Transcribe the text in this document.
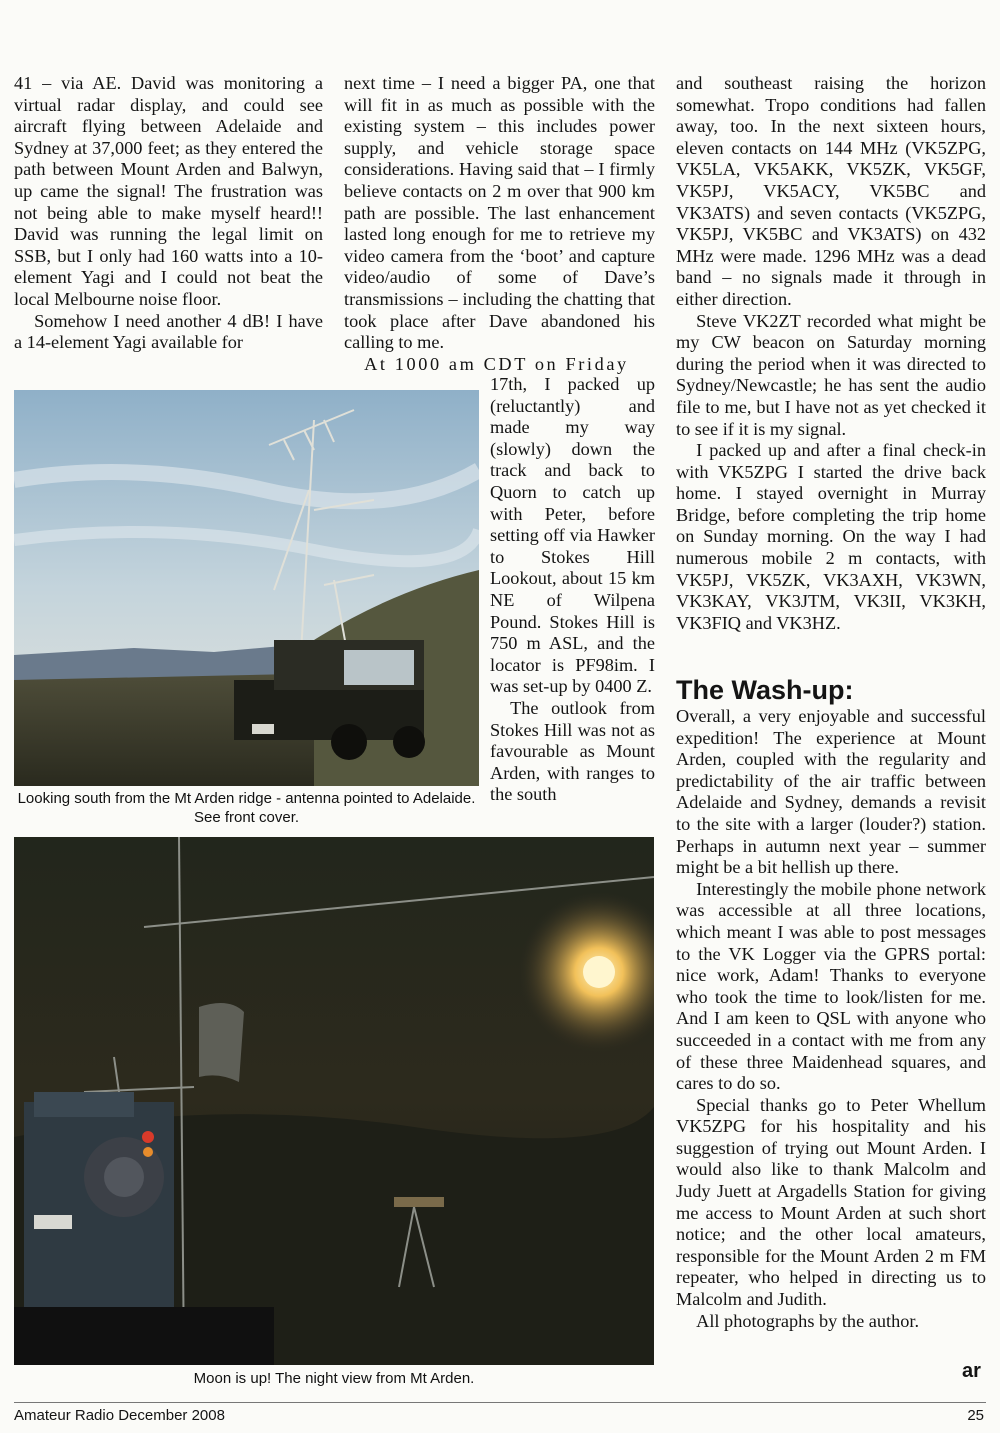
41 – via AE. David was monitoring a virtual radar display, and could see aircraft flying between Adelaide and Sydney at 37,000 feet; as they entered the path between Mount Arden and Balwyn, up came the signal! The frustration was not being able to make myself heard!! David was running the legal limit on SSB, but I only had 160 watts into a 10-element Yagi and I could not beat the local Melbourne noise floor.

Somehow I need another 4 dB! I have a 14-element Yagi available for

next time – I need a bigger PA, one that will fit in as much as possible with the existing system – this includes power supply, and vehicle storage space considerations. Having said that – I firmly believe contacts on 2 m over that 900 km path are possible. The last enhancement lasted long enough for me to retrieve my video camera from the ‘boot’ and capture video/audio of some of Dave’s transmissions – including the chatting that took place after Dave abandoned his calling to me.

At 1000 am CDT on Friday

17th, I packed up (reluctantly) and made my way (slowly) down the track and back to Quorn to catch up with Peter, before setting off via Hawker to Stokes Hill Lookout, about 15 km NE of Wilpena Pound. Stokes Hill is 750 m ASL, and the locator is PF98im. I was set-up by 0400 Z.

The outlook from Stokes Hill was not as favourable as Mount Arden, with ranges to the south

and southeast raising the horizon somewhat. Tropo conditions had fallen away, too. In the next sixteen hours, eleven contacts on 144 MHz (VK5ZPG, VK5LA, VK5AKK, VK5ZK, VK5GF, VK5PJ, VK5ACY, VK5BC and VK3ATS) and seven contacts (VK5ZPG, VK5PJ, VK5BC and VK3ATS) on 432 MHz were made. 1296 MHz was a dead band – no signals made it through in either direction.

Steve VK2ZT recorded what might be my CW beacon on Saturday morning during the period when it was directed to Sydney/Newcastle; he has sent the audio file to me, but I have not as yet checked it to see if it is my signal.

I packed up and after a final check-in with VK5ZPG I started the drive back home. I stayed overnight in Murray Bridge, before completing the trip home on Sunday morning. On the way I had numerous mobile 2 m contacts, with VK5PJ, VK5ZK, VK3AXH, VK3WN, VK3KAY, VK3JTM, VK3II, VK3KH, VK3FIQ and VK3HZ.

The Wash-up:

Overall, a very enjoyable and successful expedition! The experience at Mount Arden, coupled with the regularity and predictability of the air traffic between Adelaide and Sydney, demands a revisit to the site with a larger (louder?) station. Perhaps in autumn next year – summer might be a bit hellish up there.

Interestingly the mobile phone network was accessible at all three locations, which meant I was able to post messages to the VK Logger via the GPRS portal: nice work, Adam! Thanks to everyone who took the time to look/listen for me. And I am keen to QSL with anyone who succeeded in a contact with me from any of these three Maidenhead squares, and cares to do so.

Special thanks go to Peter Whellum VK5ZPG for his hospitality and his suggestion of trying out Mount Arden. I would also like to thank Malcolm and Judy Juett at Argadells Station for giving me access to Mount Arden at such short notice; and the other local amateurs, responsible for the Mount Arden 2 m FM repeater, who helped in directing us to Malcolm and Judith.

All photographs by the author.

Looking south from the Mt Arden ridge - antenna pointed to Adelaide. See front cover.
Moon is up! The night view from Mt Arden.	ar
Amateur Radio December 2008	25
